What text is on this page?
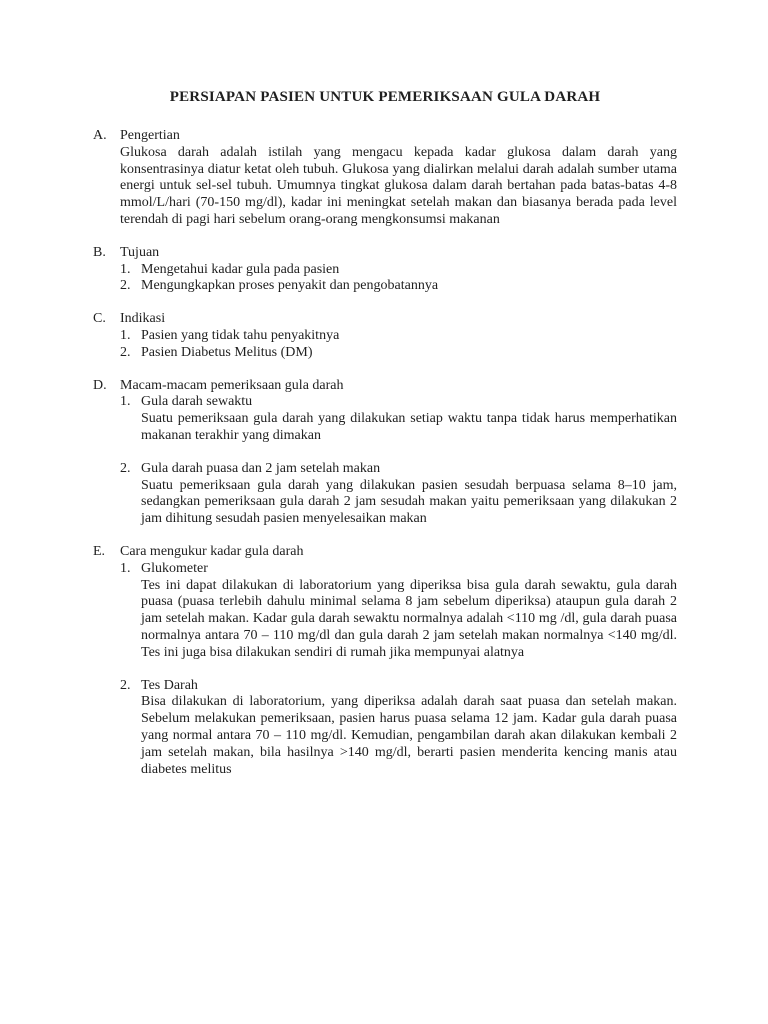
PERSIAPAN PASIEN UNTUK PEMERIKSAAN GULA DARAH
A. Pengertian

Glukosa darah adalah istilah yang mengacu kepada kadar glukosa dalam darah yang konsentrasinya diatur ketat oleh tubuh. Glukosa yang dialirkan melalui darah adalah sumber utama energi untuk sel-sel tubuh. Umumnya tingkat glukosa dalam darah bertahan pada batas-batas 4-8 mmol/L/hari (70-150 mg/dl), kadar ini meningkat setelah makan dan biasanya berada pada level terendah di pagi hari sebelum orang-orang mengkonsumsi makanan

B.	Tujuan
1. Mengetahui kadar gula pada pasien
2. Mengungkapkan proses penyakit dan pengobatannya
C.	Indikasi
1. Pasien yang tidak tahu penyakitnya
2. Pasien Diabetus Melitus (DM)
D. Macam-macam pemeriksaan gula darah
1. Gula darah sewaktu

Suatu pemeriksaan gula darah yang dilakukan setiap waktu tanpa tidak harus memperhatikan makanan terakhir yang dimakan

2. Gula darah puasa dan 2 jam setelah makan

Suatu pemeriksaan gula darah yang dilakukan pasien sesudah berpuasa selama 8–10 jam, sedangkan pemeriksaan gula darah 2 jam sesudah makan yaitu pemeriksaan yang dilakukan 2 jam dihitung sesudah pasien menyelesaikan makan

E.	Cara mengukur kadar gula darah
1. Glukometer

Tes ini dapat dilakukan di laboratorium yang diperiksa bisa gula darah sewaktu, gula darah puasa (puasa terlebih dahulu minimal selama 8 jam sebelum diperiksa) ataupun gula darah 2 jam setelah makan. Kadar gula darah sewaktu normalnya adalah <110 mg /dl, gula darah puasa normalnya antara 70 – 110 mg/dl dan gula darah 2 jam setelah makan normalnya <140 mg/dl. Tes ini juga bisa dilakukan sendiri di rumah jika mempunyai alatnya

2. Tes Darah

Bisa dilakukan di laboratorium, yang diperiksa adalah darah saat puasa dan setelah makan. Sebelum melakukan pemeriksaan, pasien harus puasa selama 12 jam. Kadar gula darah puasa yang normal antara 70 – 110 mg/dl. Kemudian, pengambilan darah akan dilakukan kembali 2 jam setelah makan, bila hasilnya >140 mg/dl, berarti pasien menderita kencing manis atau diabetes melitus
